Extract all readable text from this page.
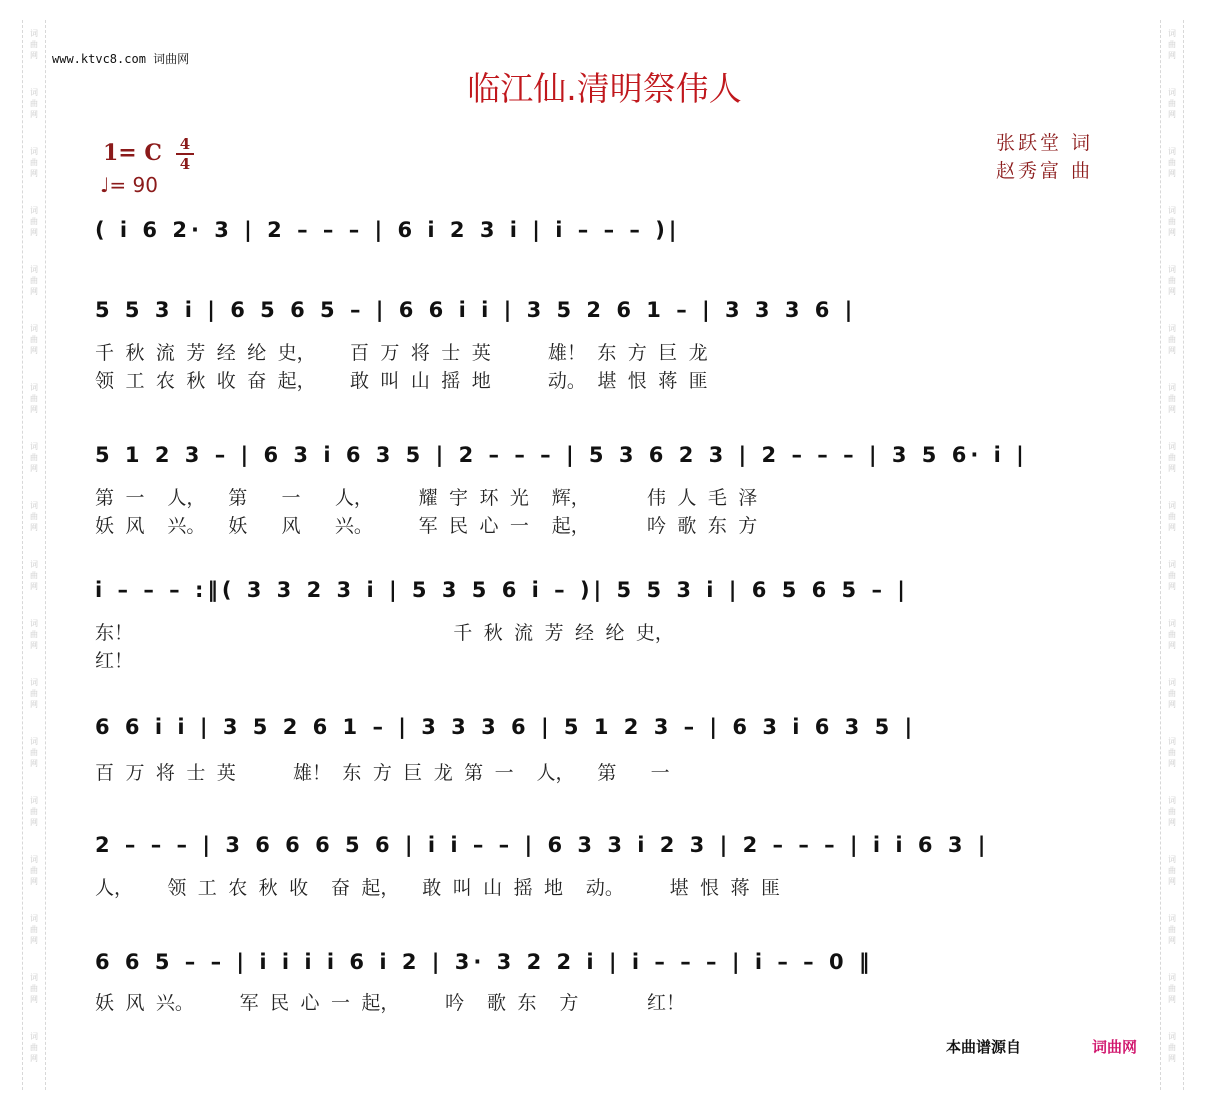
词
曲
网
词
曲
网
词
曲
网
词
曲
网
词
曲
网
词
曲
网
词
曲
网
词
曲
网
词
曲
网
词
曲
网
词
曲
网
词
曲
网
词
曲
网
词
曲
网
词
曲
网
词
曲
网
词
曲
网
词
曲
网
词
曲
网
词
曲
网
词
曲
网
词
曲
网
词
曲
网
词
曲
网
词
曲
网
词
曲
网
词
曲
网
词
曲
网
词
曲
网
词
曲
网
词
曲
网
词
曲
网
词
曲
网
词
曲
网
词
曲
网
词
曲
网
www.ktvc8.com 词曲网
临江仙.清明祭伟人
1= C	4
4
♩= 90
张跃堂 词
赵秀富 曲
( i 6 2· 3 | 2 – – – | 6 i 2 3 i | i – – – )|
5 5 3 i | 6 5 6 5 – | 6 6 i i | 3 5 2 6 1 – | 3 3 3 6 |
千 秋 流 芳 经 纶 史，   百 万 将 士 英     雄！ 东 方 巨 龙
领 工 农 秋 收 奋 起，   敢 叫 山 摇 地     动。 堪 恨 蒋 匪
5 1 2 3 – | 6 3 i 6 3 5 | 2 – – – | 5 3 6 2 3 | 2 – – – | 3 5 6· i |
第 一  人，  第   一   人，    耀 宇 环 光  辉，     伟 人 毛 泽
妖 风  兴。  妖   风   兴。    军 民 心 一  起，     吟 歌 东 方
i – – – :‖( 3 3 2 3 i | 5 3 5 6 i – )| 5 5 3 i | 6 5 6 5 – |
东！                            千 秋 流 芳 经 纶 史，
红！
6 6 i i | 3 5 2 6 1 – | 3 3 3 6 | 5 1 2 3 – | 6 3 i 6 3 5 |
百 万 将 士 英     雄！ 东 方 巨 龙 第 一  人，  第   一
2 – – – | 3 6 6 6 5 6 | i i – – | 6 3 3 i 2 3 | 2 – – – | i i 6 3 |
人，   领 工 农 秋 收  奋 起，  敢 叫 山 摇 地  动。    堪 恨 蒋 匪
6 6 5 – – | i i i i 6 i 2 | 3· 3 2 2 i | i – – – | i – – 0 ‖
妖 风 兴。    军 民 心 一 起，    吟  歌 东  方      红！
本曲谱源自	词曲网
